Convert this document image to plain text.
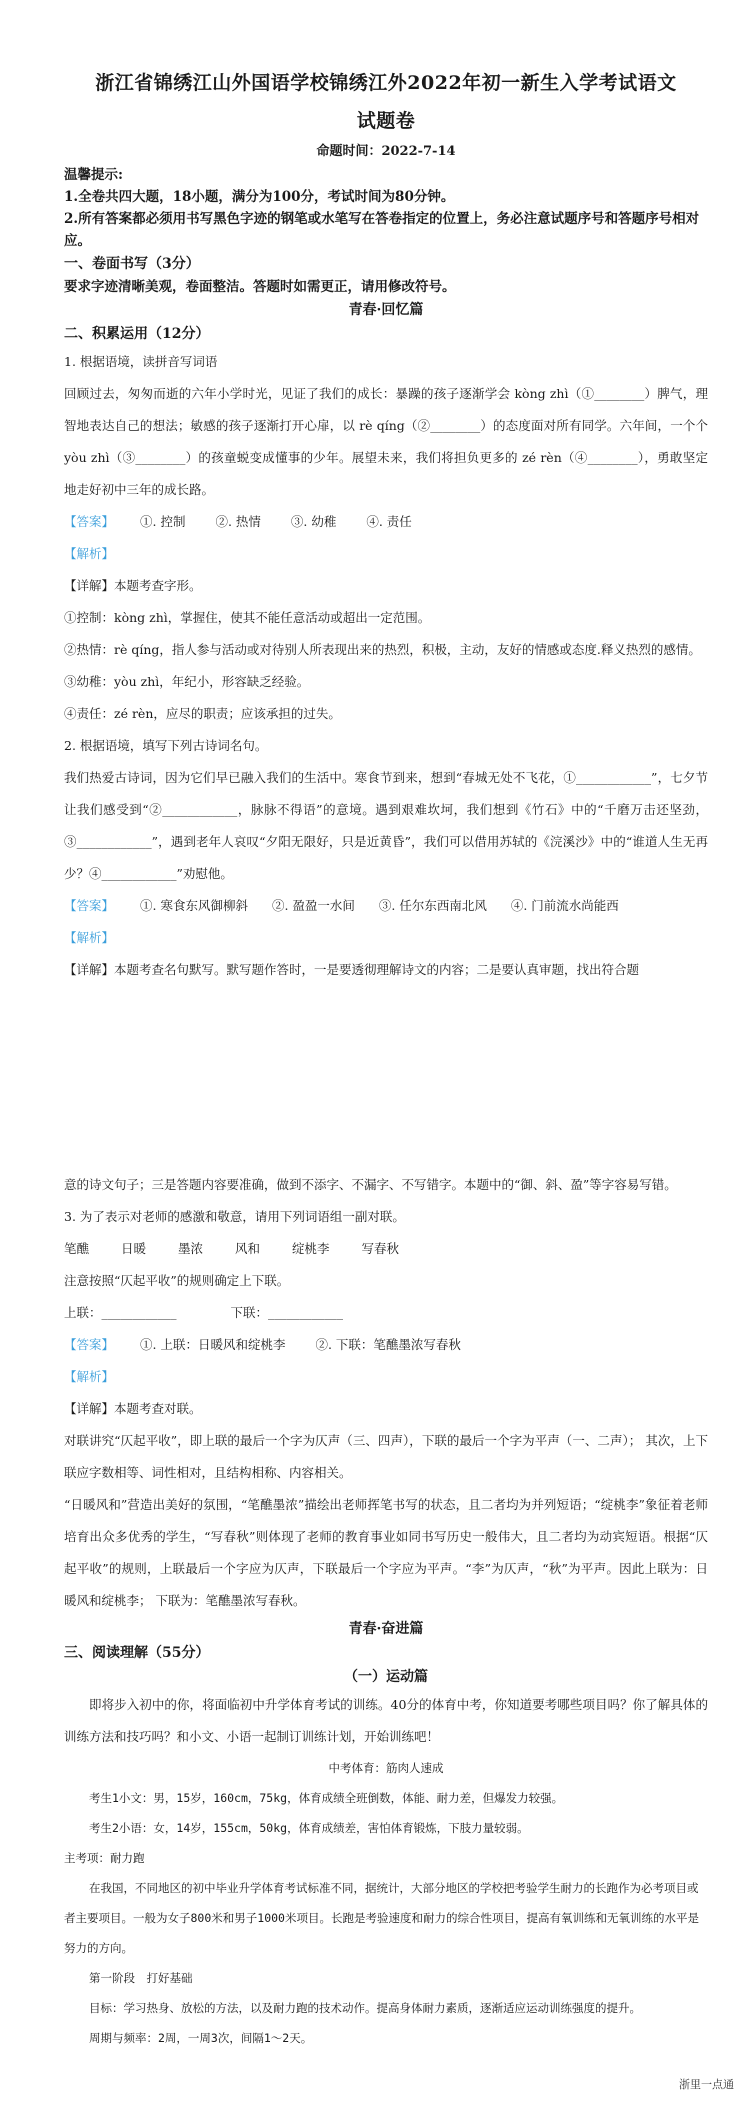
浙江省锦绣江山外国语学校锦绣江外2022年初一新生入学考试语文
试题卷
命题时间：2022-7-14
温馨提示:
1.全卷共四大题，18小题，满分为100分，考试时间为80分钟。
2.所有答案都必须用书写黑色字迹的钢笔或水笔写在答卷指定的位置上，务必注意试题序号和答题序号相对应。
一、卷面书写（3分）
要求字迹清晰美观，卷面整洁。答题时如需更正，请用修改符号。
青春·回忆篇
二、积累运用（12分）
1. 根据语境，读拼音写词语
回顾过去，匆匆而逝的六年小学时光，见证了我们的成长：暴躁的孩子逐渐学会 kòng zhì（①________）脾气，理智地表达自己的想法；敏感的孩子逐渐打开心扉，以 rè qíng（②________）的态度面对所有同学。六年间，一个个 yòu zhì（③________）的孩童蜕变成懂事的少年。展望未来，我们将担负更多的 zé rèn（④________），勇敢坚定地走好初中三年的成长路。
【答案】 ①. 控制 ②. 热情 ③. 幼稚 ④. 责任
【解析】
【详解】本题考查字形。
①控制：kòng zhì，掌握住，使其不能任意活动或超出一定范围。
②热情：rè qíng，指人参与活动或对待别人所表现出来的热烈，积极，主动，友好的情感或态度.释义热烈的感情。
③幼稚：yòu zhì，年纪小，形容缺乏经验。
④责任：zé rèn，应尽的职责；应该承担的过失。
2. 根据语境，填写下列古诗词名句。
我们热爱古诗词，因为它们早已融入我们的生活中。寒食节到来，想到“春城无处不飞花，①____________”，七夕节让我们感受到“②____________，脉脉不得语”的意境。遇到艰难坎坷，我们想到《竹石》中的“千磨万击还坚劲，③____________”，遇到老年人哀叹“夕阳无限好，只是近黄昏”，我们可以借用苏轼的《浣溪沙》中的“谁道人生无再少？④____________”劝慰他。
【答案】 ①. 寒食东风御柳斜 ②. 盈盈一水间 ③. 任尔东西南北风 ④. 门前流水尚能西
【解析】
【详解】本题考查名句默写。默写题作答时，一是要透彻理解诗文的内容；二是要认真审题，找出符合题
意的诗文句子；三是答题内容要准确，做到不添字、不漏字、不写错字。本题中的“御、斜、盈”等字容易写错。
3. 为了表示对老师的感激和敬意，请用下列词语组一副对联。
笔醮	日暖	墨浓	风和	绽桃李	写春秋
注意按照“仄起平收”的规则确定上下联。
上联：____________	下联：____________
【答案】 ①. 上联：日暖风和绽桃李 ②. 下联：笔醮墨浓写春秋
【解析】
【详解】本题考查对联。
对联讲究“仄起平收”，即上联的最后一个字为仄声（三、四声），下联的最后一个字为平声（一、二声）； 其次，上下联应字数相等、词性相对，且结构相称、内容相关。
“日暖风和”营造出美好的氛围，“笔醮墨浓”描绘出老师挥笔书写的状态，且二者均为并列短语；“绽桃李”象征着老师培育出众多优秀的学生，“写春秋”则体现了老师的教育事业如同书写历史一般伟大，且二者均为动宾短语。根据“仄起平收”的规则，上联最后一个字应为仄声，下联最后一个字应为平声。“李”为仄声，“秋”为平声。因此上联为：日暖风和绽桃李； 下联为：笔醮墨浓写春秋。
青春·奋进篇
三、阅读理解（55分）
（一）运动篇
即将步入初中的你，将面临初中升学体育考试的训练。40分的体育中考，你知道要考哪些项目吗？你了解具体的训练方法和技巧吗？和小文、小语一起制订训练计划，开始训练吧！
中考体育：筋肉人速成
考生1小文：男，15岁，160cm，75kg，体育成绩全班倒数，体能、耐力差，但爆发力较强。
考生2小语：女，14岁，155cm，50kg，体育成绩差，害怕体育锻炼，下肢力量较弱。
主考项：耐力跑
在我国，不同地区的初中毕业升学体育考试标准不同，据统计，大部分地区的学校把考验学生耐力的长跑作为必考项目或者主要项目。一般为女子800米和男子1000米项目。长跑是考验速度和耐力的综合性项目，提高有氧训练和无氧训练的水平是努力的方向。
第一阶段　打好基础
目标：学习热身、放松的方法，以及耐力跑的技术动作。提高身体耐力素质，逐渐适应运动训练强度的提升。
周期与频率：2周，一周3次，间隔1～2天。
浙里一点通
